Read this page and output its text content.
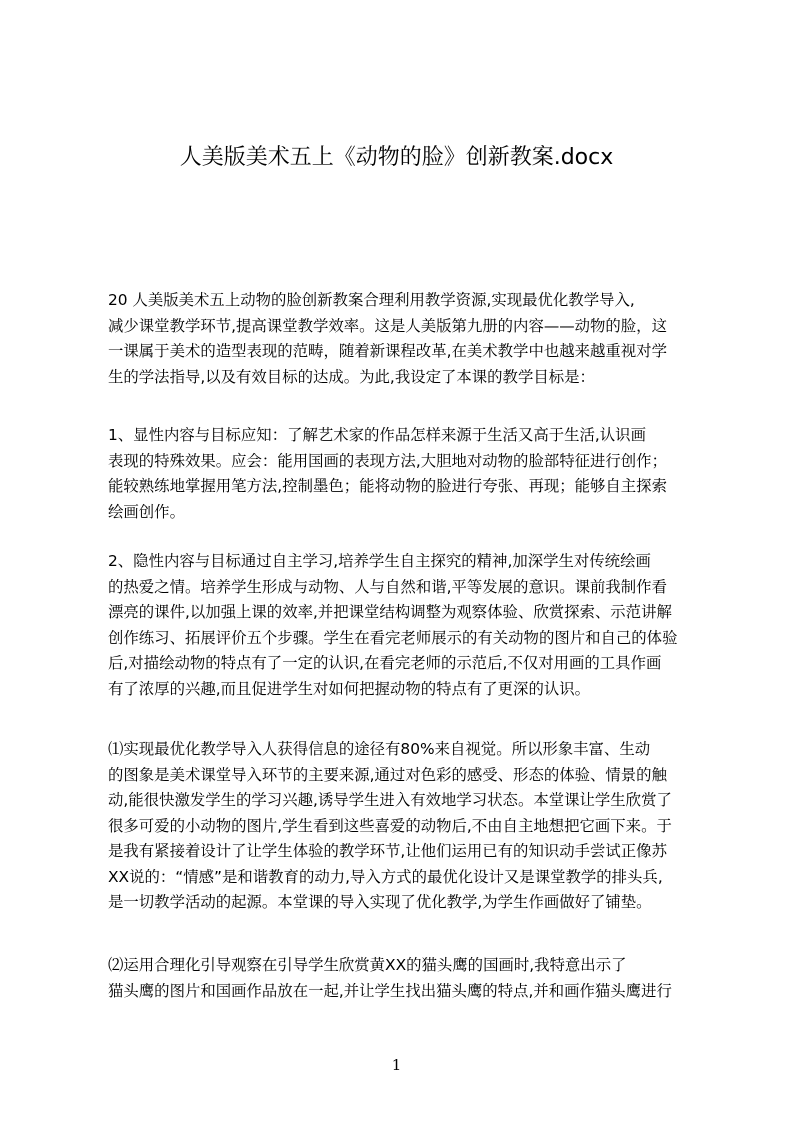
人美版美术五上《动物的脸》创新教案.docx
20 人美版美术五上动物的脸创新教案合理利用教学资源,实现最优化教学导入,
减少课堂教学环节,提高课堂教学效率。这是人美版第九册的内容——动物的脸，这
一课属于美术的造型表现的范畴，随着新课程改革,在美术教学中也越来越重视对学
生的学法指导,以及有效目标的达成。为此,我设定了本课的教学目标是：
1、显性内容与目标应知：了解艺术家的作品怎样来源于生活又高于生活,认识画
表现的特殊效果。应会：能用国画的表现方法,大胆地对动物的脸部特征进行创作；
能较熟练地掌握用笔方法,控制墨色；能将动物的脸进行夸张、再现；能够自主探索
绘画创作。
2、隐性内容与目标通过自主学习,培养学生自主探究的精神,加深学生对传统绘画
的热爱之情。培养学生形成与动物、人与自然和谐,平等发展的意识。课前我制作看
漂亮的课件,以加强上课的效率,并把课堂结构调整为观察体验、欣赏探索、示范讲解
创作练习、拓展评价五个步骤。学生在看完老师展示的有关动物的图片和自己的体验
后,对描绘动物的特点有了一定的认识,在看完老师的示范后,不仅对用画的工具作画
有了浓厚的兴趣,而且促进学生对如何把握动物的特点有了更深的认识。
⑴实现最优化教学导入人获得信息的途径有80%来自视觉。所以形象丰富、生动
的图象是美术课堂导入环节的主要来源,通过对色彩的感受、形态的体验、情景的触
动,能很快激发学生的学习兴趣,诱导学生进入有效地学习状态。本堂课让学生欣赏了
很多可爱的小动物的图片,学生看到这些喜爱的动物后,不由自主地想把它画下来。于
是我有紧接着设计了让学生体验的教学环节,让他们运用已有的知识动手尝试正像苏
XX说的：“情感”是和谐教育的动力,导入方式的最优化设计又是课堂教学的排头兵,
是一切教学活动的起源。本堂课的导入实现了优化教学,为学生作画做好了铺垫。
⑵运用合理化引导观察在引导学生欣赏黄XX的猫头鹰的国画时,我特意出示了
猫头鹰的图片和国画作品放在一起,并让学生找出猫头鹰的特点,并和画作猫头鹰进行
1
